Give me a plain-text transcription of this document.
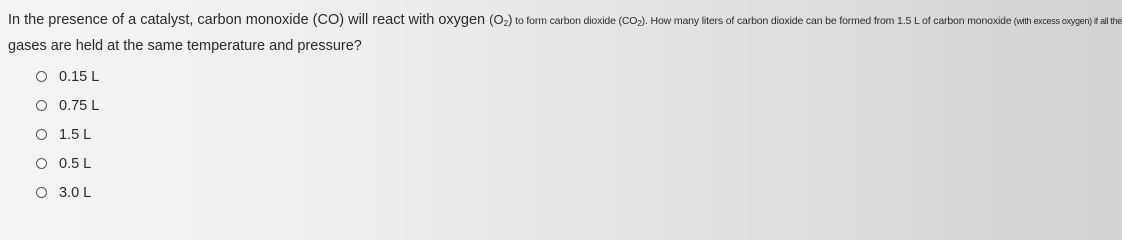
In the presence of a catalyst, carbon monoxide (CO) will react with oxygen $(O_2)$ to form carbon dioxide $(CO_2)$. How many liters of carbon dioxide can be formed from 1.5 L of carbon monoxide (with excess oxygen) if all the
gases are held at the same temperature and pressure?
0.15 L
0.75 L
1.5 L
0.5 L
3.0 L
